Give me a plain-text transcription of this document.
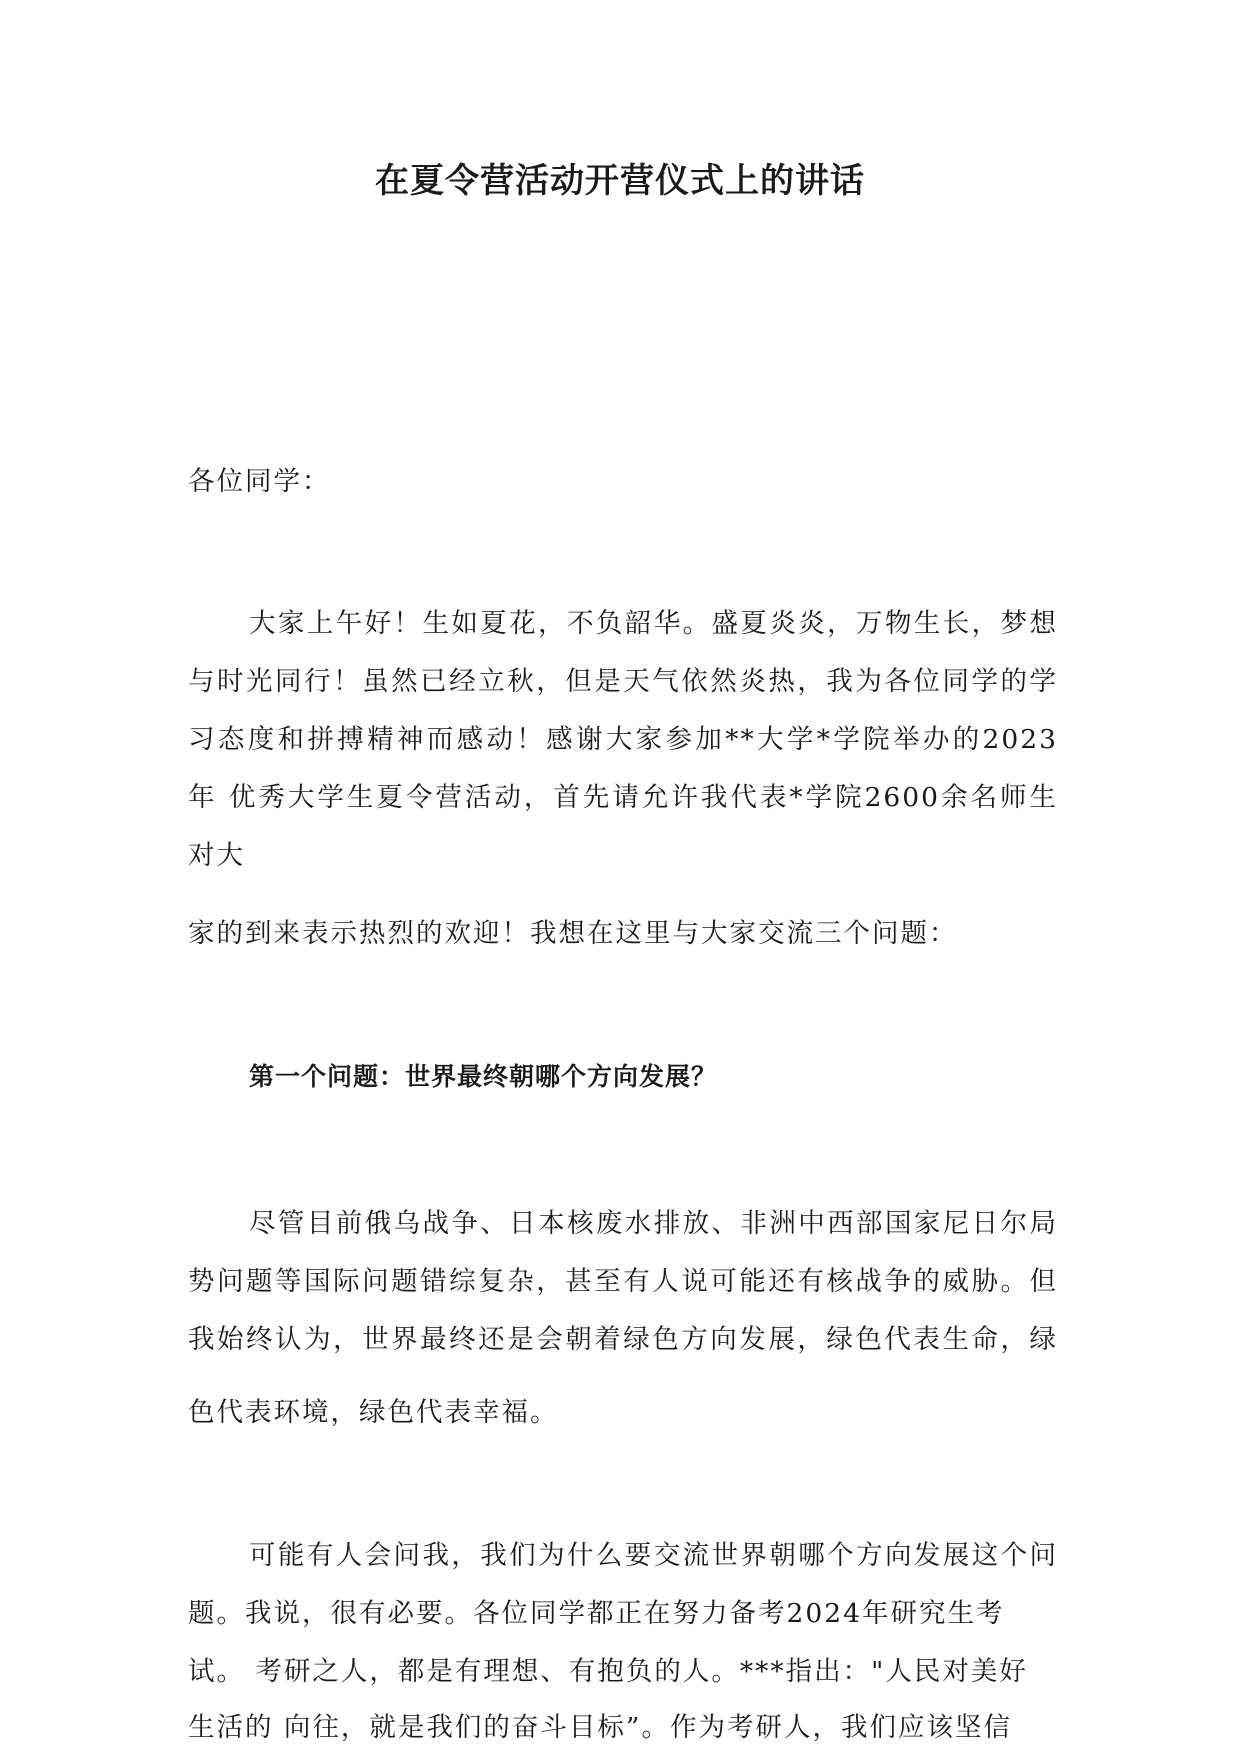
在夏令营活动开营仪式上的讲话

各位同学：

大家上午好！生如夏花，不负韶华。盛夏炎炎，万物生长，梦想

与时光同行！虽然已经立秋，但是天气依然炎热，我为各位同学的学

习态度和拼搏精神而感动！感谢大家参加**大学*学院举办的2023

年 优秀大学生夏令营活动，首先请允许我代表*学院2600余名师生

对大

家的到来表示热烈的欢迎！我想在这里与大家交流三个问题：

第一个问题：世界最终朝哪个方向发展？

尽管目前俄乌战争、日本核废水排放、非洲中西部国家尼日尔局

势问题等国际问题错综复杂，甚至有人说可能还有核战争的威胁。但

我始终认为，世界最终还是会朝着绿色方向发展，绿色代表生命，绿

色代表环境，绿色代表幸福。

可能有人会问我，我们为什么要交流世界朝哪个方向发展这个问

题。我说，很有必要。各位同学都正在努力备考2024年研究生考

试。 考研之人，都是有理想、有抱负的人。***指出："人民对美好

生活的 向往，就是我们的奋斗目标”。作为考研人，我们应该坚信
